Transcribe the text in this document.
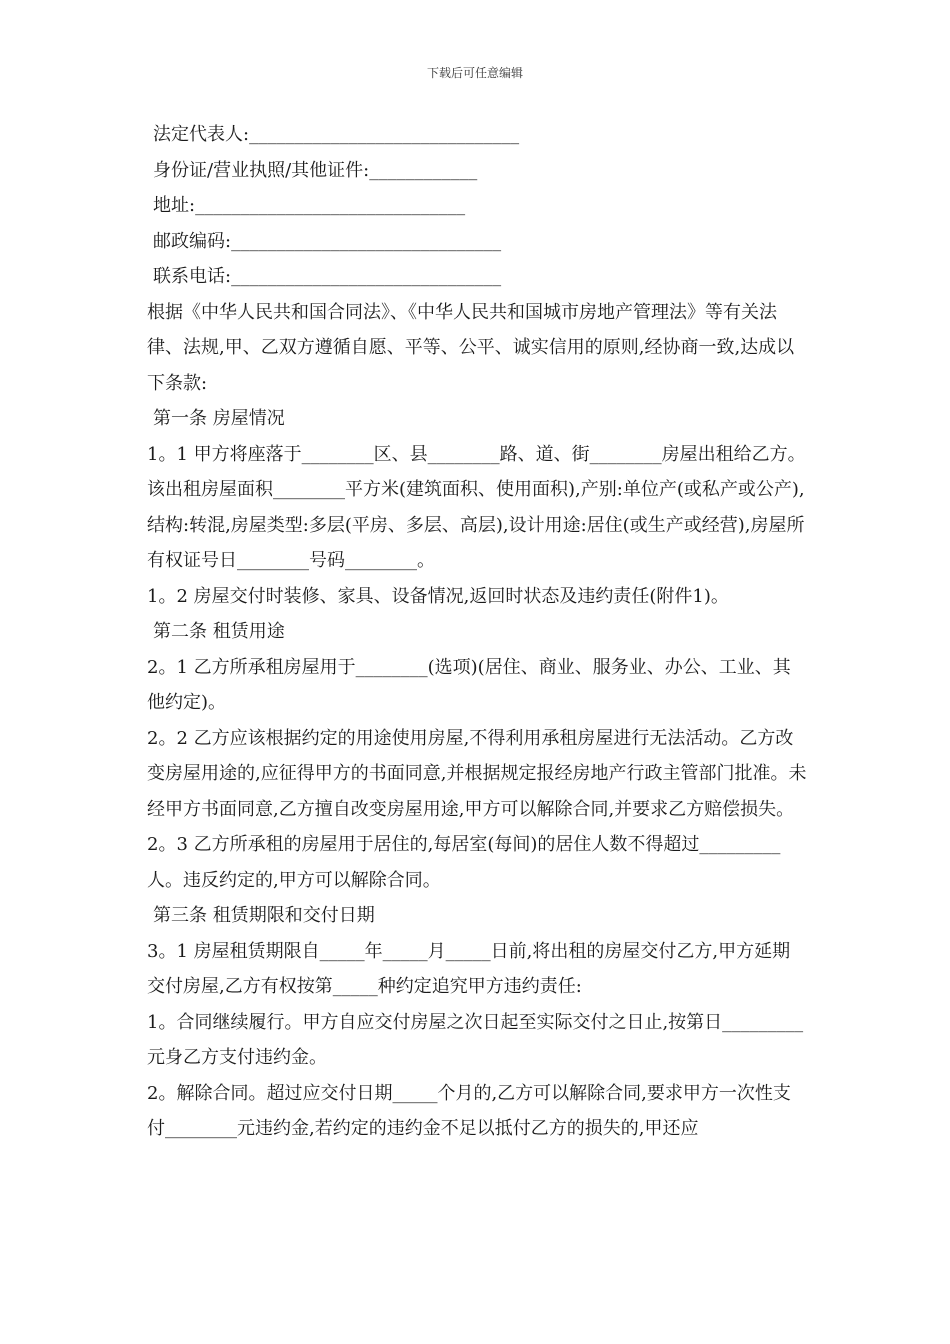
下载后可任意编辑
法定代表人:______________________________
身份证/营业执照/其他证件:____________
地址:______________________________
邮政编码:______________________________
联系电话:______________________________
根据《中华人民共和国合同法》、《中华人民共和国城市房地产管理法》等有关法律、法规,甲、乙双方遵循自愿、平等、公平、诚实信用的原则,经协商一致,达成以下条款:
第一条 房屋情况
1。1 甲方将座落于________区、县________路、道、街________房屋出租给乙方。该出租房屋面积________平方米(建筑面积、使用面积),产别:单位产(或私产或公产),结构:转混,房屋类型:多层(平房、多层、高层),设计用途:居住(或生产或经营),房屋所有权证号日________号码________。
1。2 房屋交付时装修、家具、设备情况,返回时状态及违约责任(附件1)。
第二条 租赁用途
2。1 乙方所承租房屋用于________(选项)(居住、商业、服务业、办公、工业、其他约定)。
2。2 乙方应该根据约定的用途使用房屋,不得利用承租房屋进行无法活动。乙方改变房屋用途的,应征得甲方的书面同意,并根据规定报经房地产行政主管部门批准。未经甲方书面同意,乙方擅自改变房屋用途,甲方可以解除合同,并要求乙方赔偿损失。
2。3 乙方所承租的房屋用于居住的,每居室(每间)的居住人数不得超过_________人。违反约定的,甲方可以解除合同。
第三条 租赁期限和交付日期
3。1 房屋租赁期限自_____年_____月_____日前,将出租的房屋交付乙方,甲方延期交付房屋,乙方有权按第_____种约定追究甲方违约责任:
1。合同继续履行。甲方自应交付房屋之次日起至实际交付之日止,按第日_________元身乙方支付违约金。
2。解除合同。超过应交付日期_____个月的,乙方可以解除合同,要求甲方一次性支付________元违约金,若约定的违约金不足以抵付乙方的损失的,甲还应
